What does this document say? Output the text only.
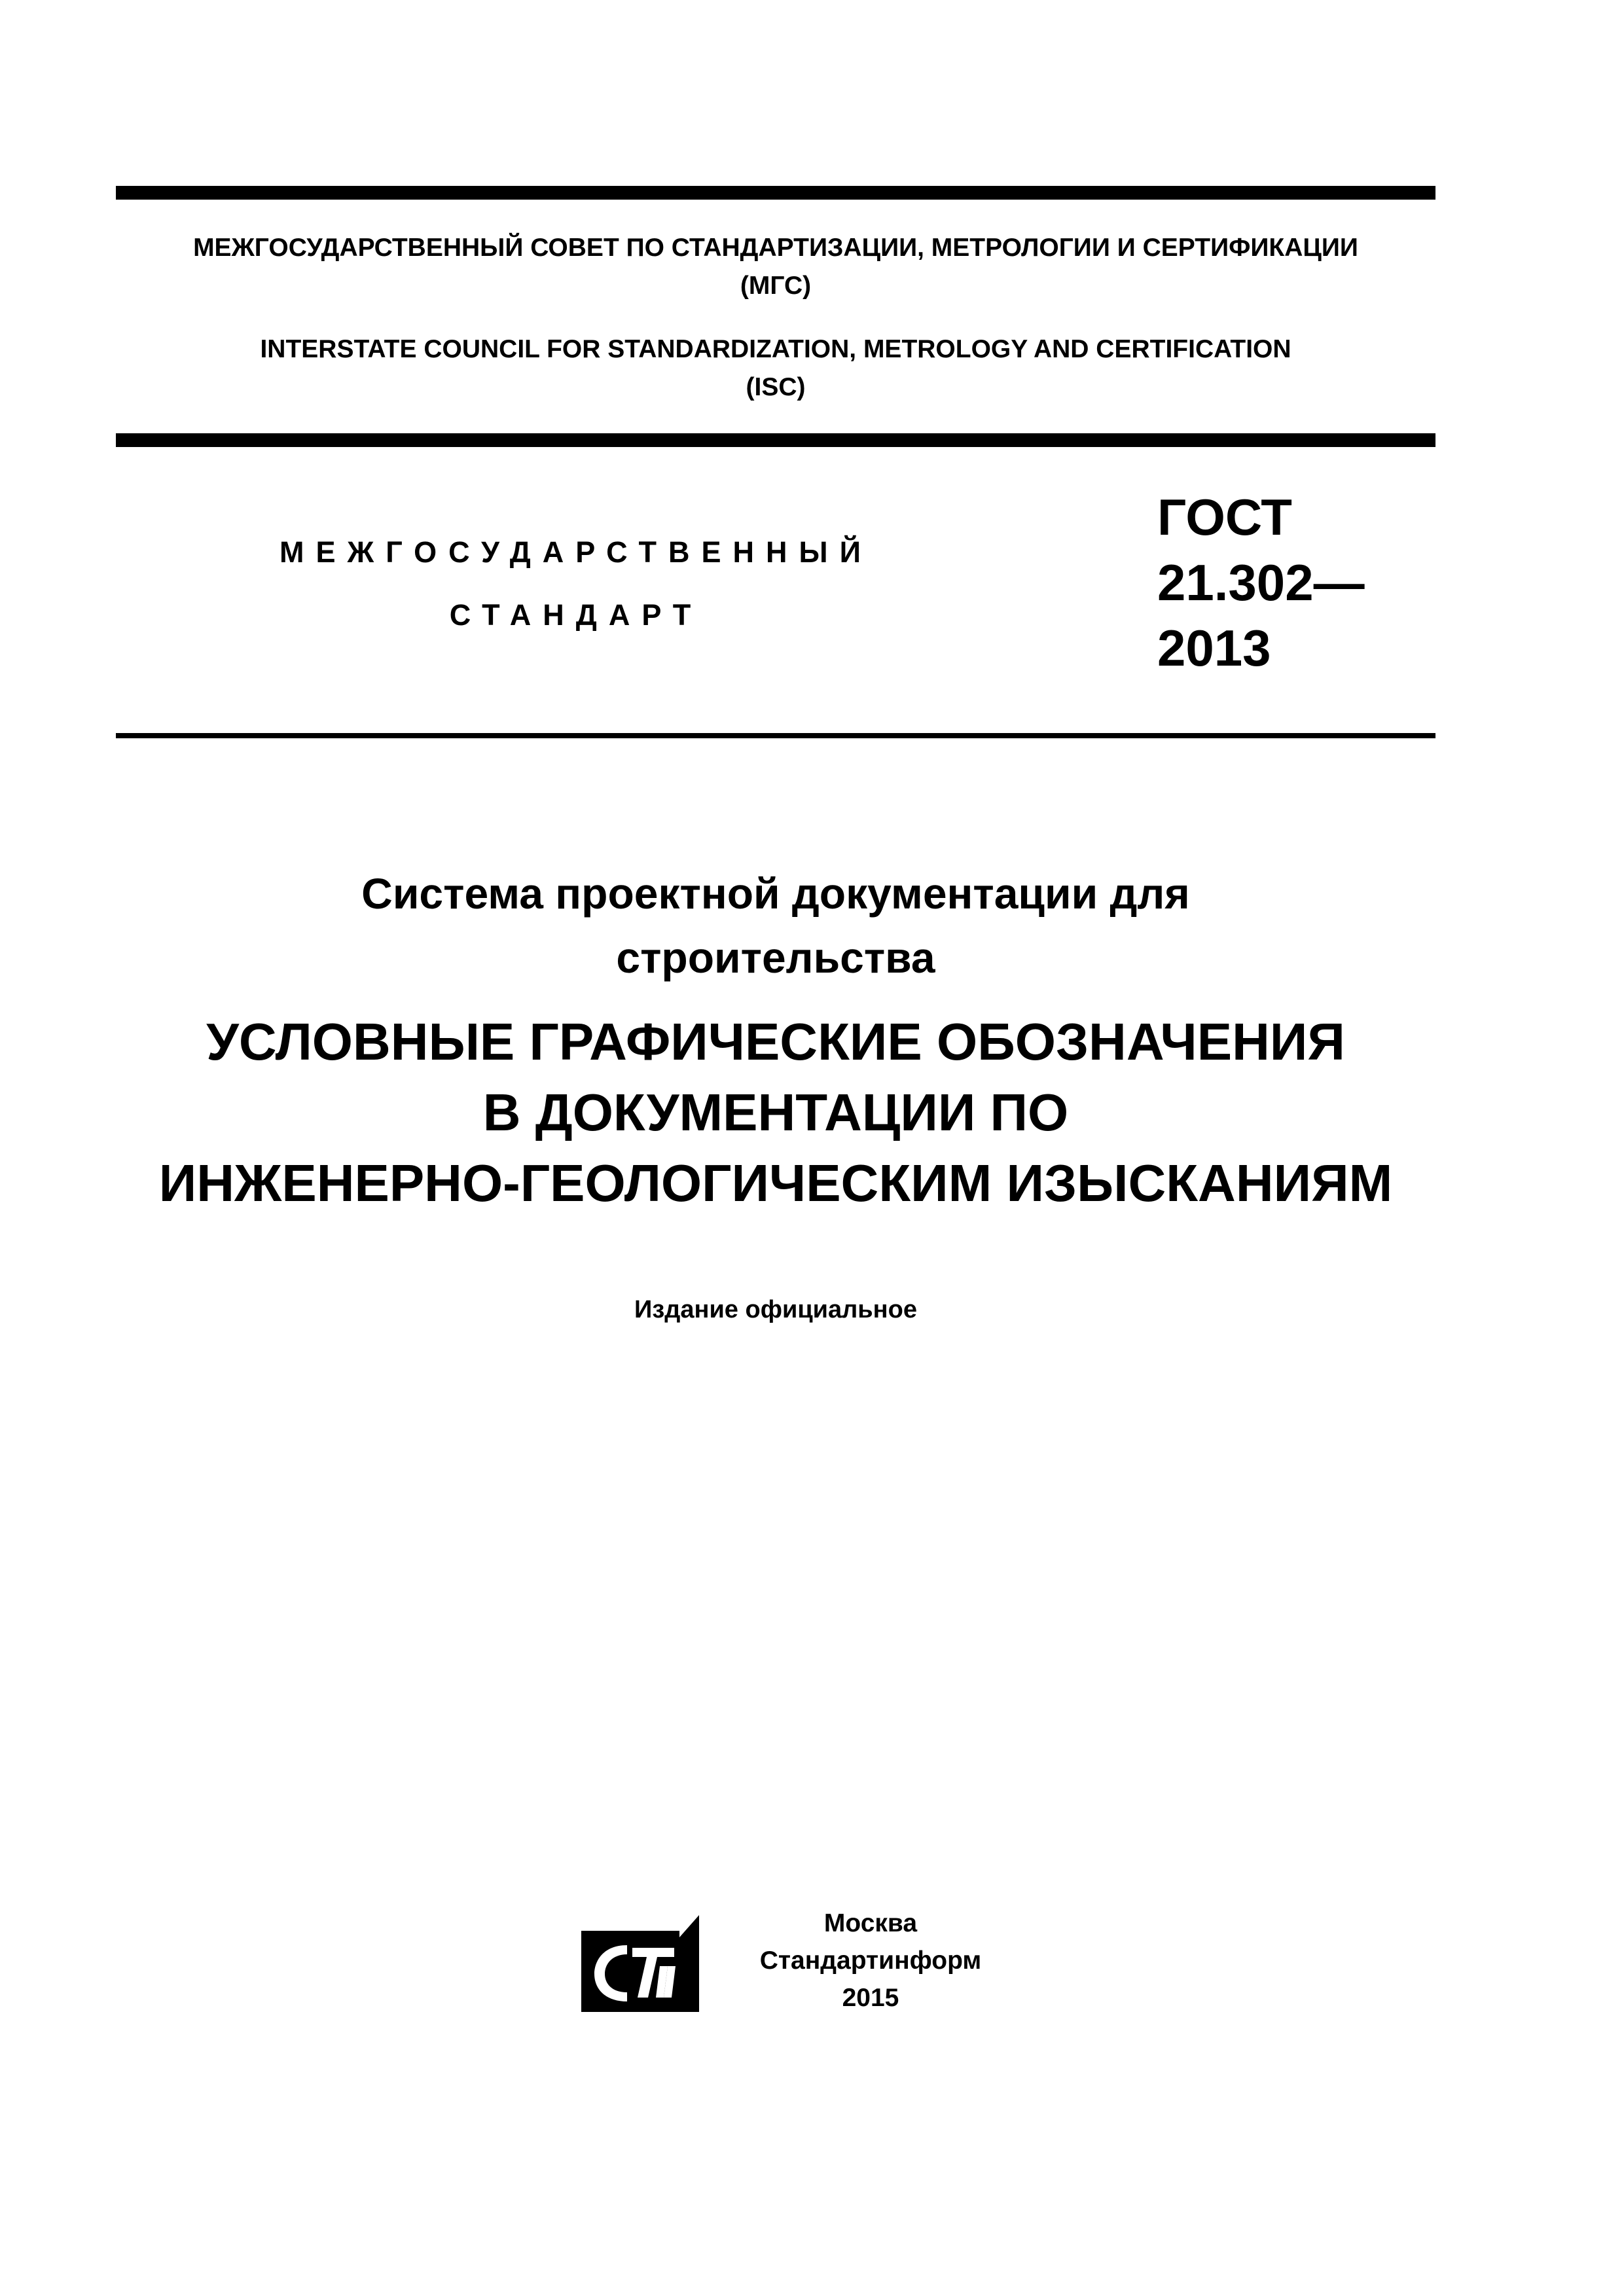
МЕЖГОСУДАРСТВЕННЫЙ СОВЕТ ПО СТАНДАРТИЗАЦИИ, МЕТРОЛОГИИ И СЕРТИФИКАЦИИ
(МГС)
INTERSTATE COUNCIL FOR STANDARDIZATION, METROLOGY AND CERTIFICATION
(ISC)
МЕЖГОСУДАРСТВЕННЫЙ
СТАНДАРТ
ГОСТ
21.302—
2013
Система проектной документации для
строительства
УСЛОВНЫЕ ГРАФИЧЕСКИЕ ОБОЗНАЧЕНИЯ
В ДОКУМЕНТАЦИИ ПО
ИНЖЕНЕРНО-ГЕОЛОГИЧЕСКИМ ИЗЫСКАНИЯМ
Издание официальное
Москва
Стандартинформ
2015
